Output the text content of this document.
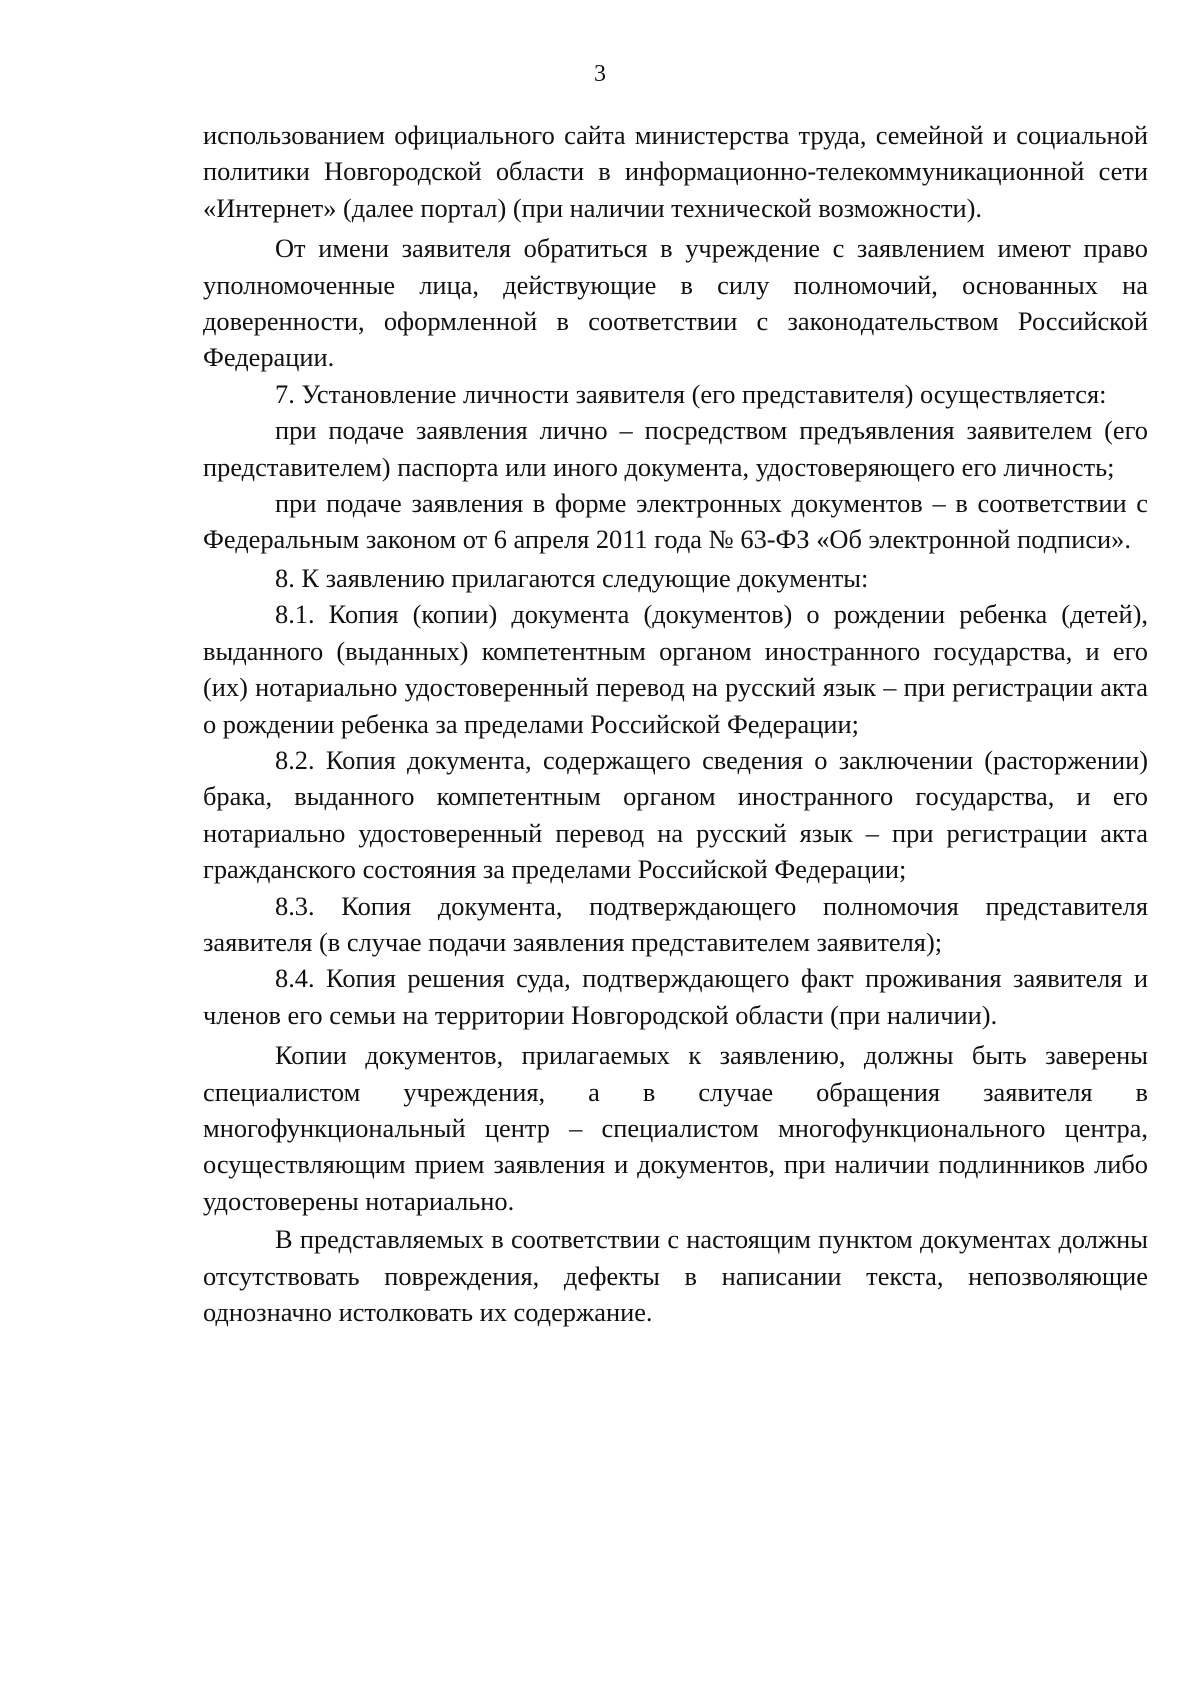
3

использованием официального сайта министерства труда, семейной и социальной политики Новгородской области в информационно-телекоммуникационной сети «Интернет» (далее портал) (при наличии технической возможности).

От имени заявителя обратиться в учреждение с заявлением имеют право уполномоченные лица, действующие в силу полномочий, основанных на доверенности, оформленной в соответствии с законодательством Российской Федерации.

7. Установление личности заявителя (его представителя) осуществляется:

при подаче заявления лично – посредством предъявления заявителем (его представителем) паспорта или иного документа, удостоверяющего его личность;

при подаче заявления в форме электронных документов – в соответствии с Федеральным законом от 6 апреля 2011 года № 63-ФЗ «Об электронной подписи».

8. К заявлению прилагаются следующие документы:

8.1. Копия (копии) документа (документов) о рождении ребенка (детей), выданного (выданных) компетентным органом иностранного государства, и его (их) нотариально удостоверенный перевод на русский язык – при регистрации акта о рождении ребенка за пределами Российской Федерации;

8.2. Копия документа, содержащего сведения о заключении (расторжении) брака, выданного компетентным органом иностранного государства, и его нотариально удостоверенный перевод на русский язык – при регистрации акта гражданского состояния за пределами Российской Федерации;

8.3. Копия документа, подтверждающего полномочия представителя заявителя (в случае подачи заявления представителем заявителя);

8.4. Копия решения суда, подтверждающего факт проживания заявителя и членов его семьи на территории Новгородской области (при наличии).

Копии документов, прилагаемых к заявлению, должны быть заверены специалистом учреждения, а в случае обращения заявителя в многофункциональный центр – специалистом многофункционального центра, осуществляющим прием заявления и документов, при наличии подлинников либо удостоверены нотариально.

В представляемых в соответствии с настоящим пунктом документах должны отсутствовать повреждения, дефекты в написании текста, непозволяющие однозначно истолковать их содержание.
